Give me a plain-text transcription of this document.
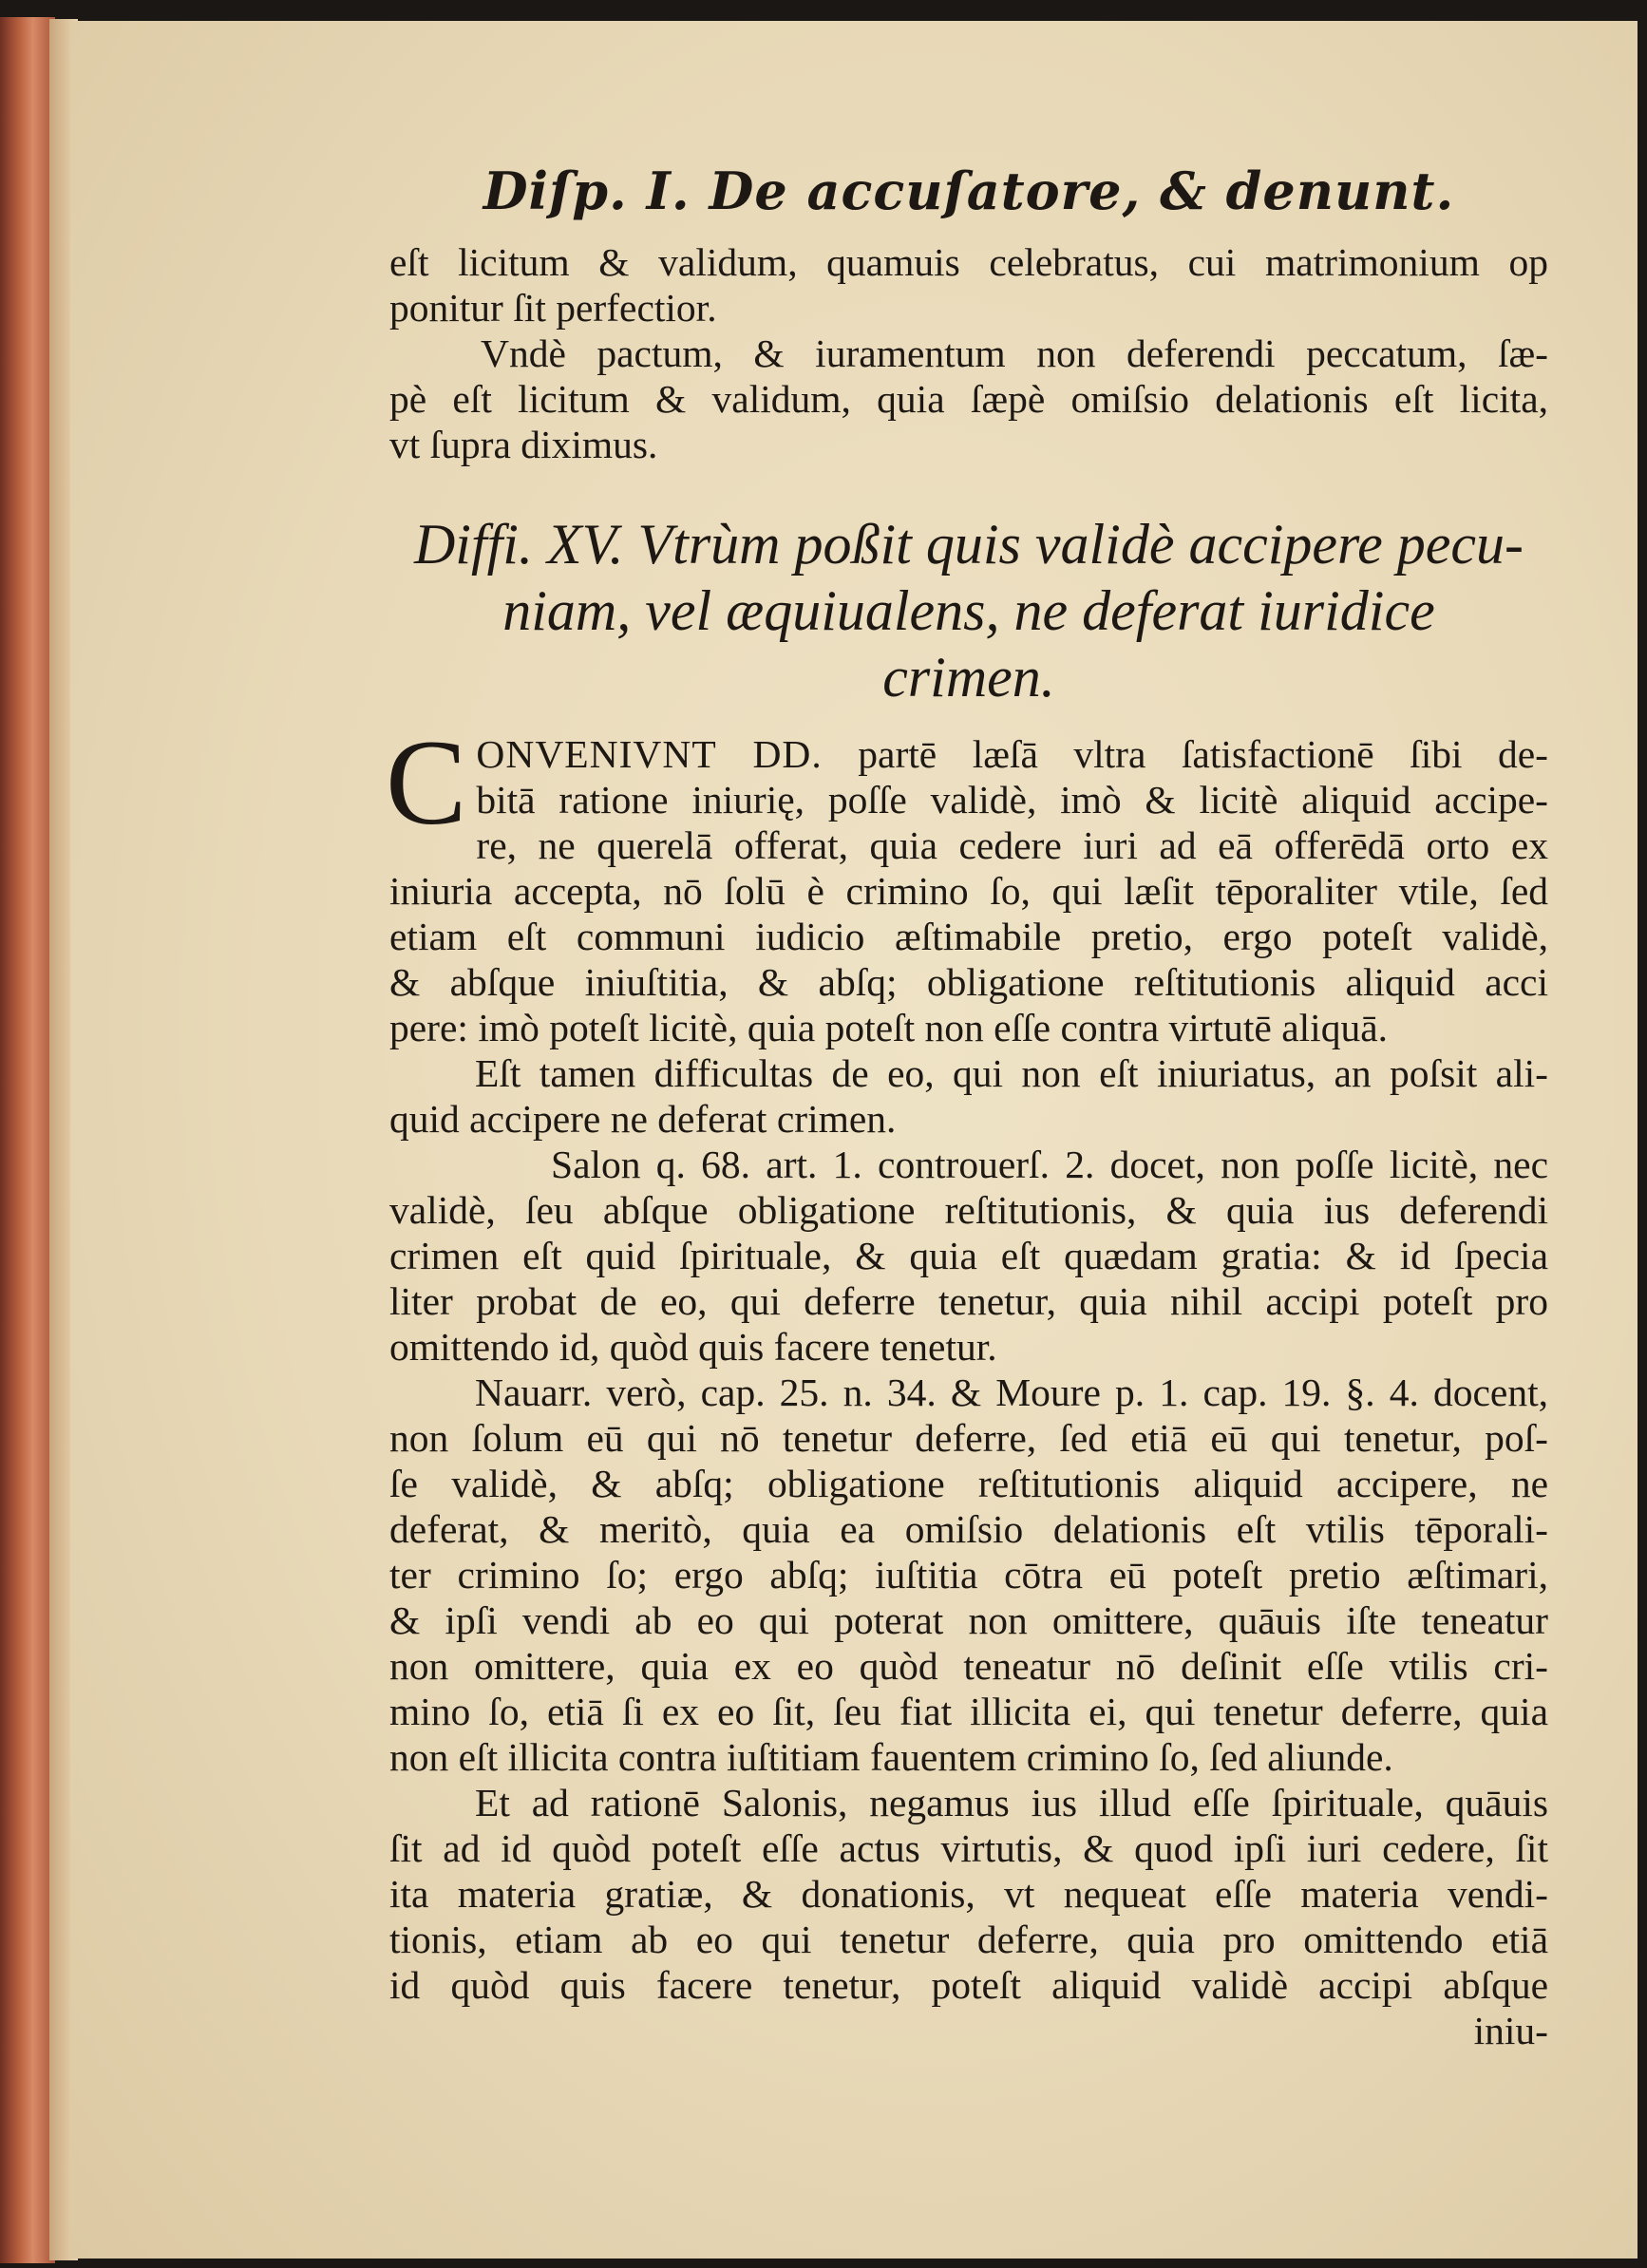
Diſp. I. De accuſatore, & denunt.

eſt licitum & validum, quamuis celebratus, cui matrimonium op

ponitur ſit perfectior.

Vndè pactum, & iuramentum non deferendi peccatum, ſæ-

pè eſt licitum & validum, quia ſæpè omiſsio delationis eſt licita,

vt ſupra diximus.

Diffi. XV. Vtrùm poßit quis validè accipere pecu-
niam, vel æquiualens, ne deferat iuridice
crimen.
C ONVENIVNT DD. partē læſā vltra ſatisfactionē ſibi de-

bitā ratione iniurię, poſſe validè, imò & licitè aliquid accipe-

re, ne querelā offerat, quia cedere iuri ad eā offerēdā orto ex

iniuria accepta, nō ſolū è crimino ſo, qui læſit tēporaliter vtile, ſed

etiam eſt communi iudicio æſtimabile pretio, ergo poteſt validè,

& abſque iniuſtitia, & abſq; obligatione reſtitutionis aliquid acci

pere: imò poteſt licitè, quia poteſt non eſſe contra virtutē aliquā.

Eſt tamen difficultas de eo, qui non eſt iniuriatus, an poſsit ali-

quid accipere ne deferat crimen.

Salon q. 68. art. 1. controuerſ. 2. docet, non poſſe licitè, nec

validè, ſeu abſque obligatione reſtitutionis, & quia ius deferendi

crimen eſt quid ſpirituale, & quia eſt quædam gratia: & id ſpecia

liter probat de eo, qui deferre tenetur, quia nihil accipi poteſt pro

omittendo id, quòd quis facere tenetur.

Nauarr. verò, cap. 25. n. 34. & Moure p. 1. cap. 19. §. 4. docent,

non ſolum eū qui nō tenetur deferre, ſed etiā eū qui tenetur, poſ-

ſe validè, & abſq; obligatione reſtitutionis aliquid accipere, ne

deferat, & meritò, quia ea omiſsio delationis eſt vtilis tēporali-

ter crimino ſo; ergo abſq; iuſtitia cōtra eū poteſt pretio æſtimari,

& ipſi vendi ab eo qui poterat non omittere, quāuis iſte teneatur

non omittere, quia ex eo quòd teneatur nō deſinit eſſe vtilis cri-

mino ſo, etiā ſi ex eo ſit, ſeu fiat illicita ei, qui tenetur deferre, quia

non eſt illicita contra iuſtitiam fauentem crimino ſo, ſed aliunde.

Et ad rationē Salonis, negamus ius illud eſſe ſpirituale, quāuis

ſit ad id quòd poteſt eſſe actus virtutis, & quod ipſi iuri cedere, ſit

ita materia gratiæ, & donationis, vt nequeat eſſe materia vendi-

tionis, etiam ab eo qui tenetur deferre, quia pro omittendo etiā

id quòd quis facere tenetur, poteſt aliquid validè accipi abſque

iniu-
